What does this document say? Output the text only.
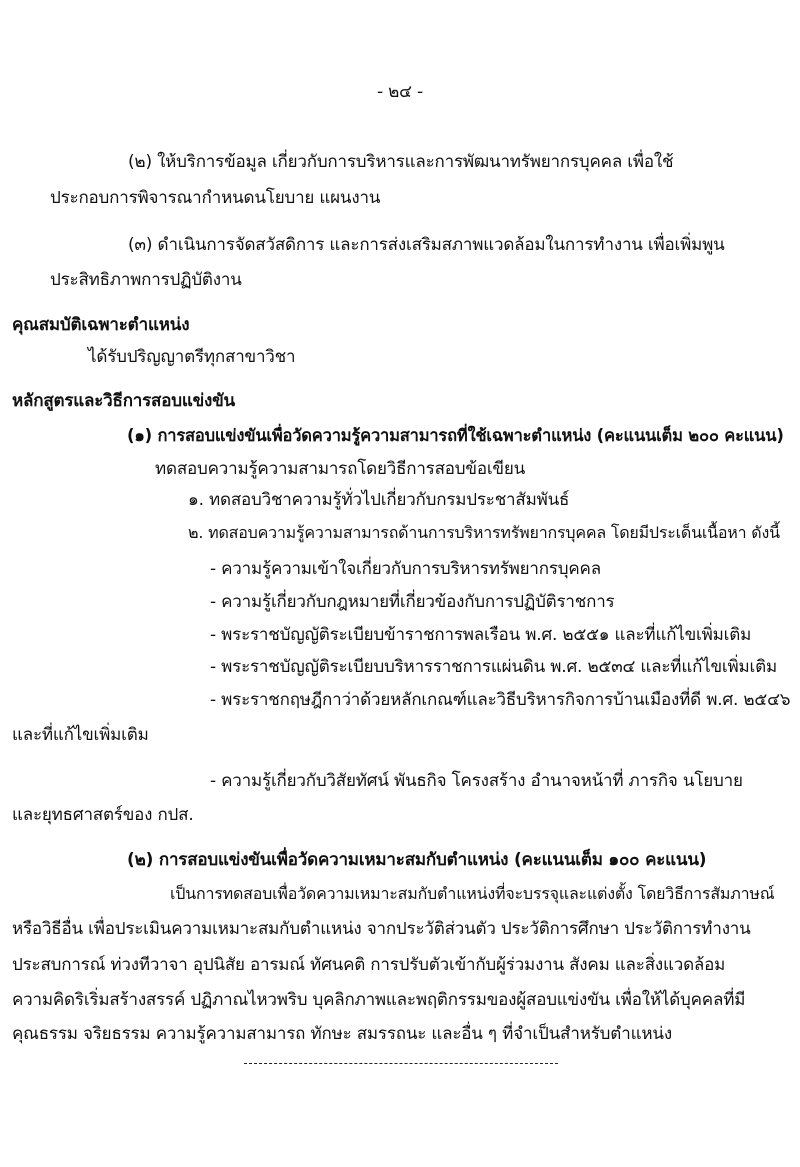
- ๒๔ -
(๒) ให้บริการข้อมูล เกี่ยวกับการบริหารและการพัฒนาทรัพยากรบุคคล เพื่อใช้
ประกอบการพิจารณากำหนดนโยบาย แผนงาน
(๓) ดำเนินการจัดสวัสดิการ และการส่งเสริมสภาพแวดล้อมในการทำงาน เพื่อเพิ่มพูน
ประสิทธิภาพการปฏิบัติงาน
คุณสมบัติเฉพาะตำแหน่ง
ได้รับปริญญาตรีทุกสาขาวิชา
หลักสูตรและวิธีการสอบแข่งขัน
(๑) การสอบแข่งขันเพื่อวัดความรู้ความสามารถที่ใช้เฉพาะตำแหน่ง (คะแนนเต็ม ๒๐๐ คะแนน)
ทดสอบความรู้ความสามารถโดยวิธีการสอบข้อเขียน
๑. ทดสอบวิชาความรู้ทั่วไปเกี่ยวกับกรมประชาสัมพันธ์
๒. ทดสอบความรู้ความสามารถด้านการบริหารทรัพยากรบุคคล โดยมีประเด็นเนื้อหา ดังนี้
- ความรู้ความเข้าใจเกี่ยวกับการบริหารทรัพยากรบุคคล
- ความรู้เกี่ยวกับกฎหมายที่เกี่ยวข้องกับการปฏิบัติราชการ
- พระราชบัญญัติระเบียบข้าราชการพลเรือน พ.ศ. ๒๕๕๑ และที่แก้ไขเพิ่มเติม
- พระราชบัญญัติระเบียบบริหารราชการแผ่นดิน พ.ศ. ๒๕๓๔ และที่แก้ไขเพิ่มเติม
- พระราชกฤษฎีกาว่าด้วยหลักเกณฑ์และวิธีบริหารกิจการบ้านเมืองที่ดี พ.ศ. ๒๕๔๖
และที่แก้ไขเพิ่มเติม
- ความรู้เกี่ยวกับวิสัยทัศน์ พันธกิจ โครงสร้าง อำนาจหน้าที่ ภารกิจ นโยบาย
และยุทธศาสตร์ของ กปส.
(๒) การสอบแข่งขันเพื่อวัดความเหมาะสมกับตำแหน่ง (คะแนนเต็ม ๑๐๐ คะแนน)
เป็นการทดสอบเพื่อวัดความเหมาะสมกับตำแหน่งที่จะบรรจุและแต่งตั้ง โดยวิธีการสัมภาษณ์
หรือวิธีอื่น เพื่อประเมินความเหมาะสมกับตำแหน่ง จากประวัติส่วนตัว ประวัติการศึกษา ประวัติการทำงาน
ประสบการณ์ ท่วงทีวาจา อุปนิสัย อารมณ์ ทัศนคติ การปรับตัวเข้ากับผู้ร่วมงาน สังคม และสิ่งแวดล้อม
ความคิดริเริ่มสร้างสรรค์ ปฏิภาณไหวพริบ บุคลิกภาพและพฤติกรรมของผู้สอบแข่งขัน เพื่อให้ได้บุคคลที่มี
คุณธรรม จริยธรรม ความรู้ความสามารถ ทักษะ สมรรถนะ และอื่น ๆ ที่จำเป็นสำหรับตำแหน่ง
